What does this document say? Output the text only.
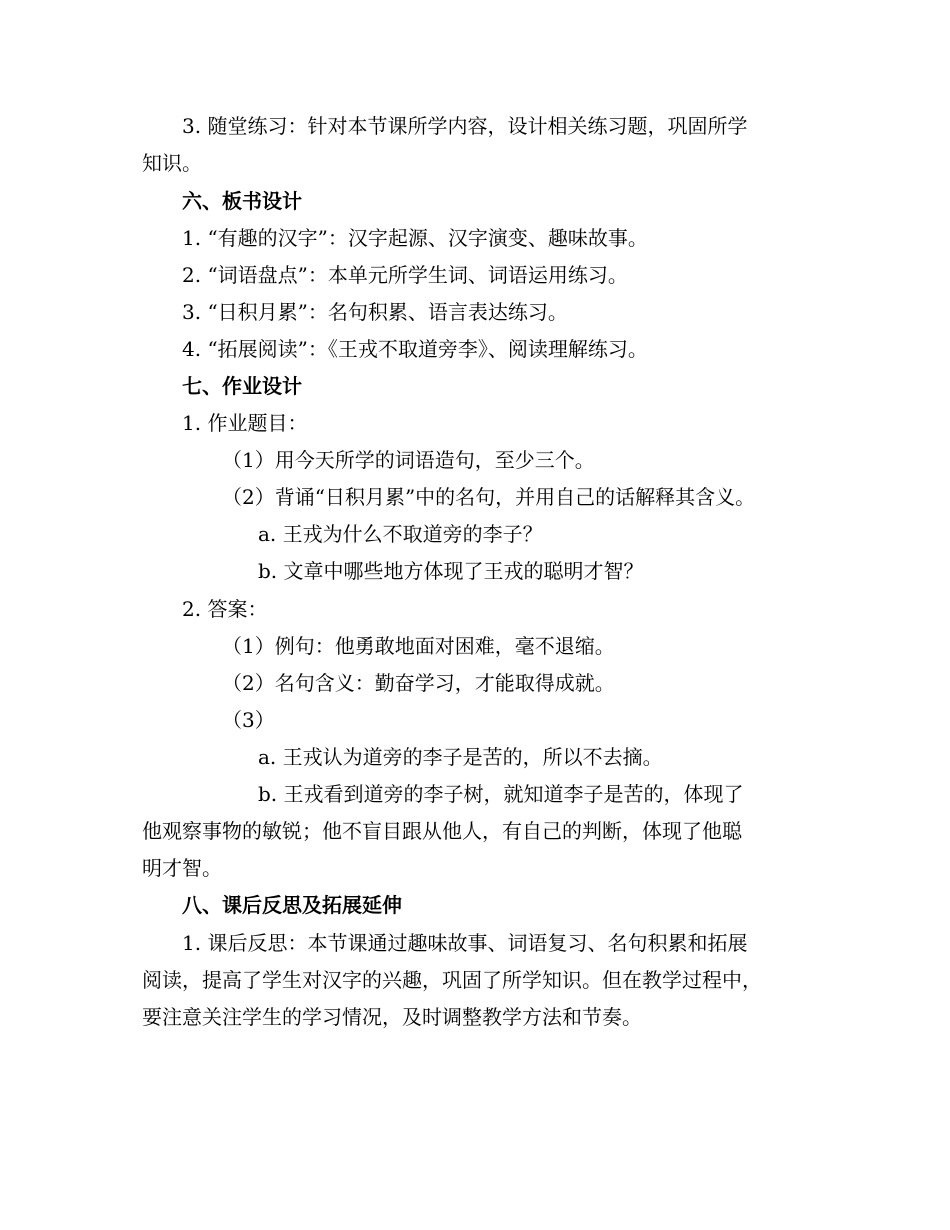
3. 随堂练习：针对本节课所学内容，设计相关练习题，巩固所学
知识。
六、板书设计
1. “有趣的汉字”：汉字起源、汉字演变、趣味故事。
2. “词语盘点”：本单元所学生词、词语运用练习。
3. “日积月累”：名句积累、语言表达练习。
4. “拓展阅读”：《王戎不取道旁李》、阅读理解练习。
七、作业设计
1. 作业题目：
（1）用今天所学的词语造句，至少三个。
（2）背诵“日积月累”中的名句，并用自己的话解释其含义。
a. 王戎为什么不取道旁的李子？
b. 文章中哪些地方体现了王戎的聪明才智？
2. 答案：
（1）例句：他勇敢地面对困难，毫不退缩。
（2）名句含义：勤奋学习，才能取得成就。
（3）
a. 王戎认为道旁的李子是苦的，所以不去摘。
b. 王戎看到道旁的李子树，就知道李子是苦的，体现了
他观察事物的敏锐；他不盲目跟从他人，有自己的判断，体现了他聪
明才智。
八、课后反思及拓展延伸
1. 课后反思：本节课通过趣味故事、词语复习、名句积累和拓展
阅读，提高了学生对汉字的兴趣，巩固了所学知识。但在教学过程中，
要注意关注学生的学习情况，及时调整教学方法和节奏。
